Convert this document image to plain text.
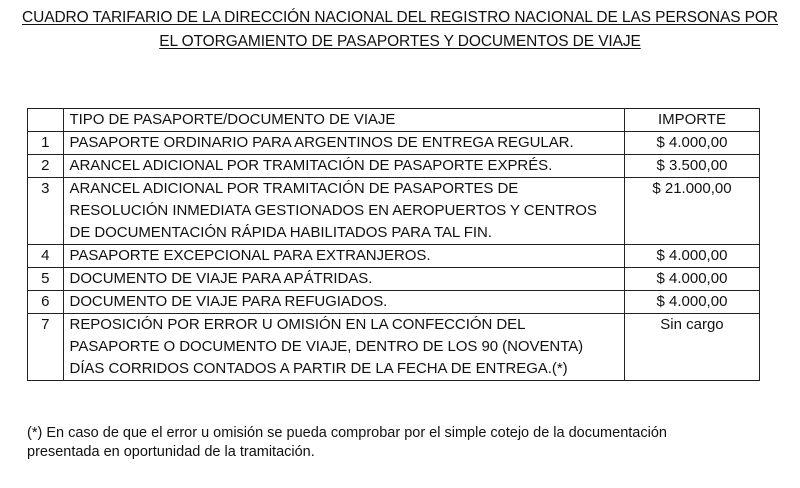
CUADRO TARIFARIO DE LA DIRECCIÓN NACIONAL DEL REGISTRO NACIONAL DE LAS PERSONAS POR
EL OTORGAMIENTO DE PASAPORTES Y DOCUMENTOS DE VIAJE
	TIPO DE PASAPORTE/DOCUMENTO DE VIAJE	IMPORTE
1	PASAPORTE ORDINARIO PARA ARGENTINOS DE ENTREGA REGULAR.	$ 4.000,00
2	ARANCEL ADICIONAL POR TRAMITACIÓN DE PASAPORTE EXPRÉS.	$ 3.500,00
3	ARANCEL ADICIONAL POR TRAMITACIÓN DE PASAPORTES DE
RESOLUCIÓN INMEDIATA GESTIONADOS EN AEROPUERTOS Y CENTROS
DE DOCUMENTACIÓN RÁPIDA HABILITADOS PARA TAL FIN.	$ 21.000,00
4	PASAPORTE EXCEPCIONAL PARA EXTRANJEROS.	$ 4.000,00
5	DOCUMENTO DE VIAJE PARA APÁTRIDAS.	$ 4.000,00
6	DOCUMENTO DE VIAJE PARA REFUGIADOS.	$ 4.000,00
7	REPOSICIÓN POR ERROR U OMISIÓN EN LA CONFECCIÓN DEL
PASAPORTE O DOCUMENTO DE VIAJE, DENTRO DE LOS 90 (NOVENTA)
DÍAS CORRIDOS CONTADOS A PARTIR DE LA FECHA DE ENTREGA.(*)	Sin cargo
(*) En caso de que el error u omisión se pueda comprobar por el simple cotejo de la documentación
presentada en oportunidad de la tramitación.
